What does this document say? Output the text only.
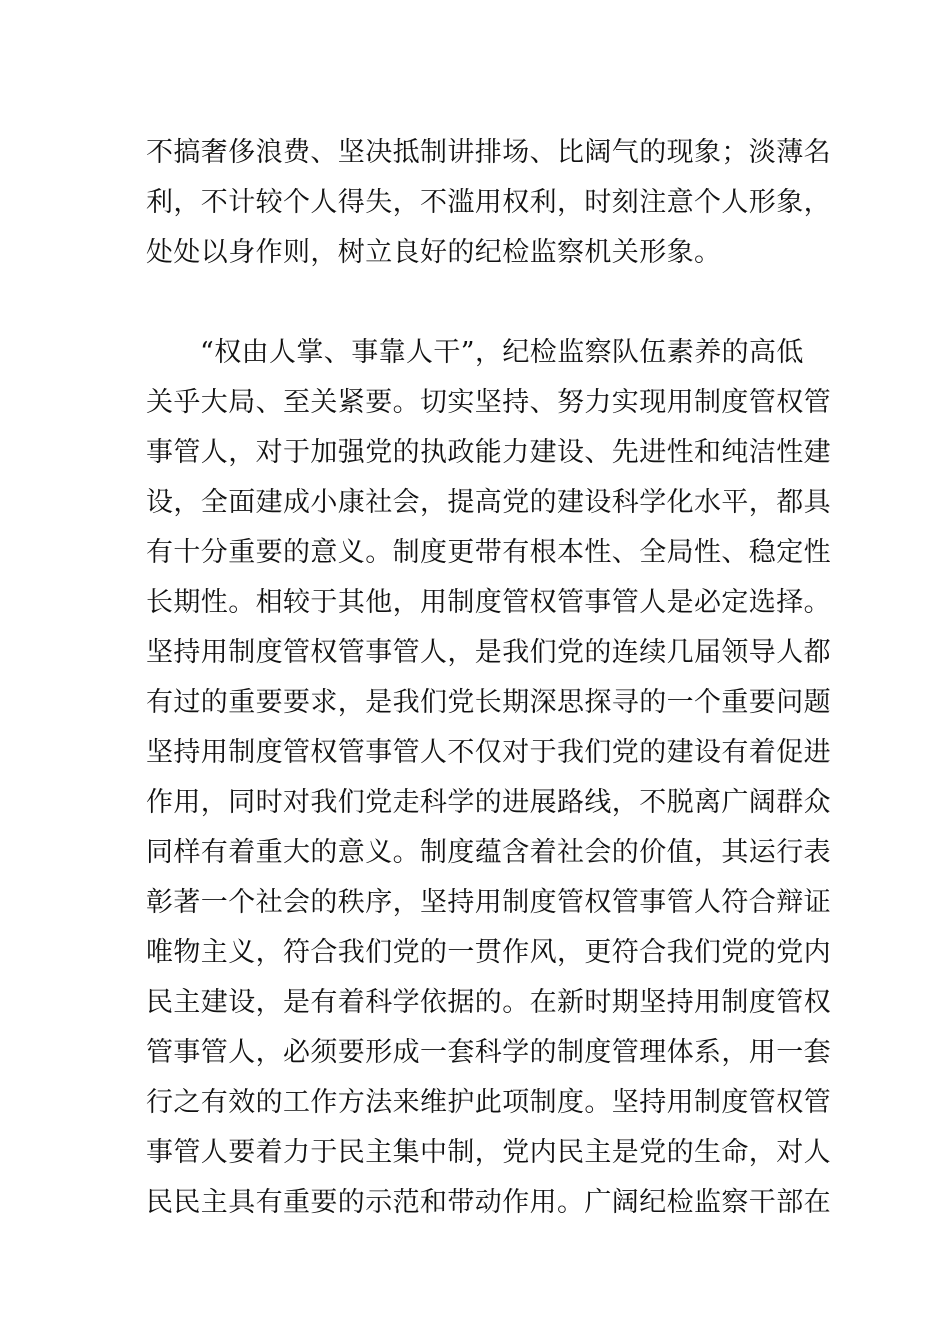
不搞奢侈浪费、坚决抵制讲排场、比阔气的现象；淡薄名
利，不计较个人得失，不滥用权利，时刻注意个人形象，
处处以身作则，树立良好的纪检监察机关形象。
“权由人掌、事靠人干”，纪检监察队伍素养的高低
关乎大局、至关紧要。切实坚持、努力实现用制度管权管
事管人，对于加强党的执政能力建设、先进性和纯洁性建
设，全面建成小康社会，提高党的建设科学化水平，都具
有十分重要的意义。制度更带有根本性、全局性、稳定性
长期性。相较于其他，用制度管权管事管人是必定选择。
坚持用制度管权管事管人，是我们党的连续几届领导人都
有过的重要要求，是我们党长期深思探寻的一个重要问题
坚持用制度管权管事管人不仅对于我们党的建设有着促进
作用，同时对我们党走科学的进展路线，不脱离广阔群众
同样有着重大的意义。制度蕴含着社会的价值，其运行表
彰著一个社会的秩序，坚持用制度管权管事管人符合辩证
唯物主义，符合我们党的一贯作风，更符合我们党的党内
民主建设，是有着科学依据的。在新时期坚持用制度管权
管事管人，必须要形成一套科学的制度管理体系，用一套
行之有效的工作方法来维护此项制度。坚持用制度管权管
事管人要着力于民主集中制，党内民主是党的生命，对人
民民主具有重要的示范和带动作用。广阔纪检监察干部在
